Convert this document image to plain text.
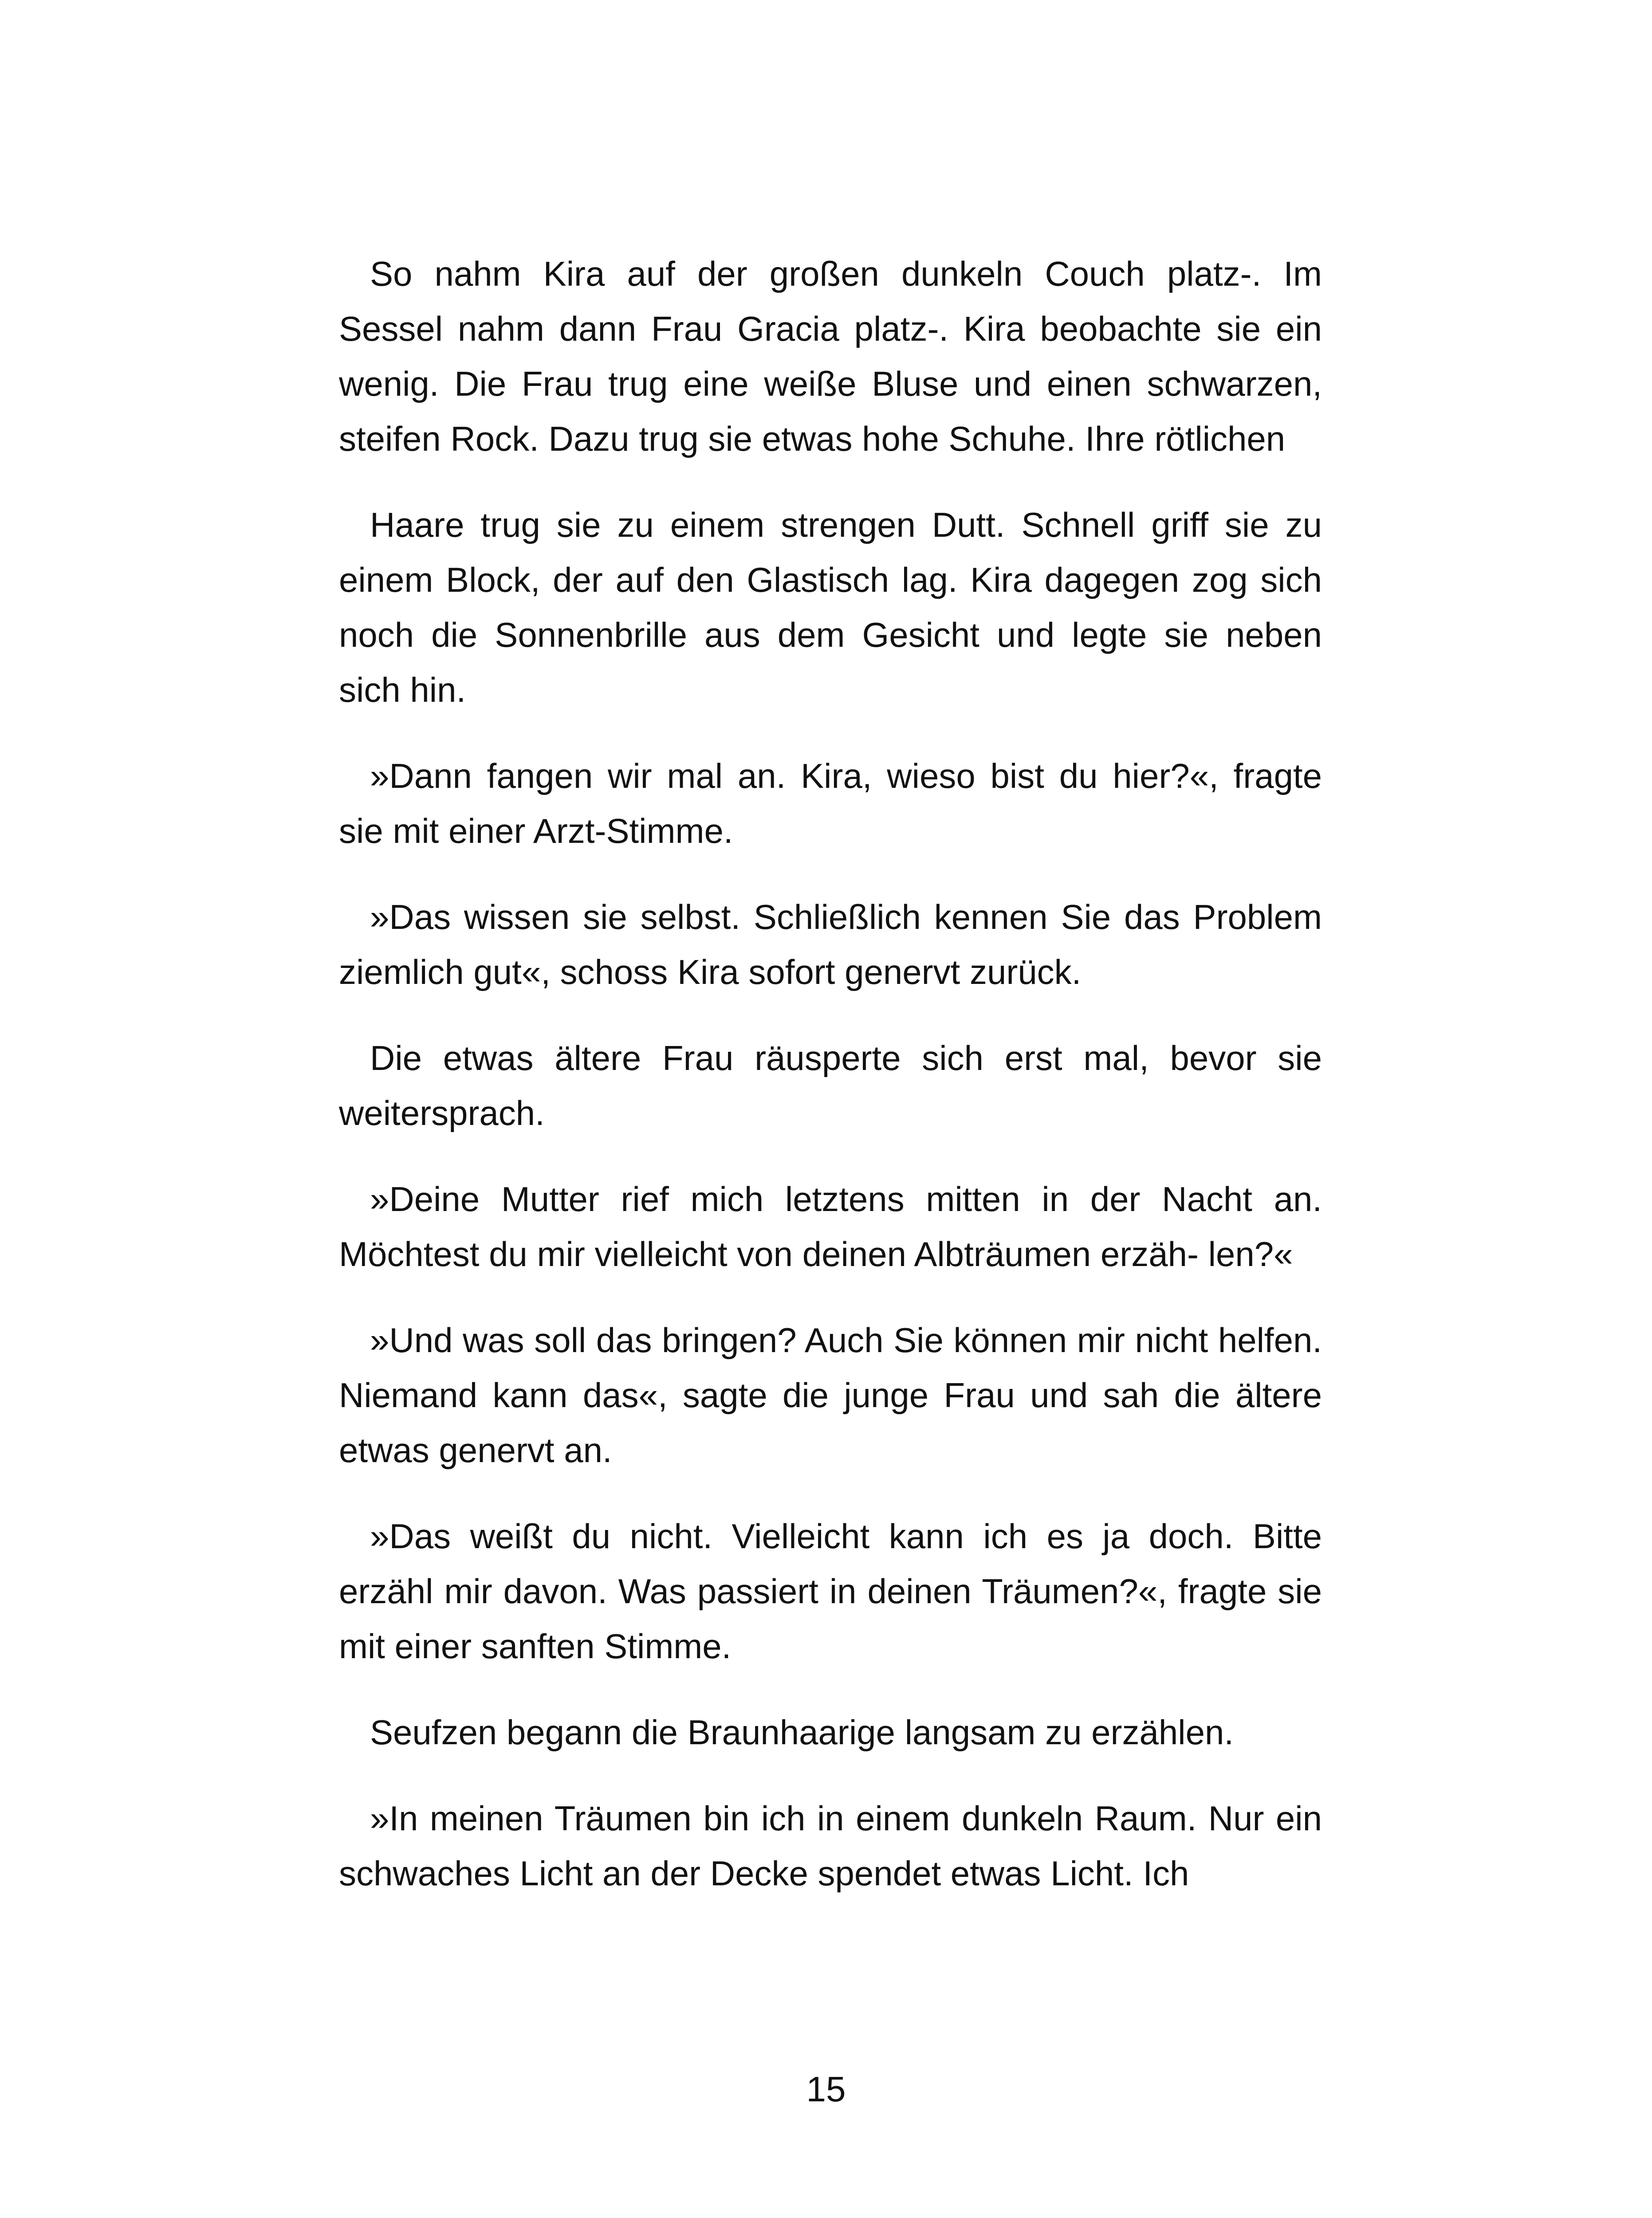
So nahm Kira auf der großen dunkeln Couch platz-. Im Sessel nahm dann Frau Gracia platz-. Kira beobachte sie ein wenig. Die Frau trug eine weiße Bluse und einen schwarzen, steifen Rock. Dazu trug sie etwas hohe Schuhe. Ihre rötlichen

Haare trug sie zu einem strengen Dutt. Schnell griff sie zu einem Block, der auf den Glastisch lag. Kira dagegen zog sich noch die Sonnenbrille aus dem Gesicht und legte sie neben sich hin.

»Dann fangen wir mal an. Kira, wieso bist du hier?«, fragte sie mit einer Arzt-Stimme.

»Das wissen sie selbst. Schließlich kennen Sie das Problem ziemlich gut«, schoss Kira sofort genervt zurück.

Die etwas ältere Frau räusperte sich erst mal, bevor sie weitersprach.

»Deine Mutter rief mich letztens mitten in der Nacht an. Möchtest du mir vielleicht von deinen Albträumen erzäh- len?«

»Und was soll das bringen? Auch Sie können mir nicht helfen. Niemand kann das«, sagte die junge Frau und sah die ältere etwas genervt an.

»Das weißt du nicht. Vielleicht kann ich es ja doch. Bitte erzähl mir davon. Was passiert in deinen Träumen?«, fragte sie mit einer sanften Stimme.

Seufzen begann die Braunhaarige langsam zu erzählen.

»In meinen Träumen bin ich in einem dunkeln Raum. Nur ein schwaches Licht an der Decke spendet etwas Licht. Ich

15
